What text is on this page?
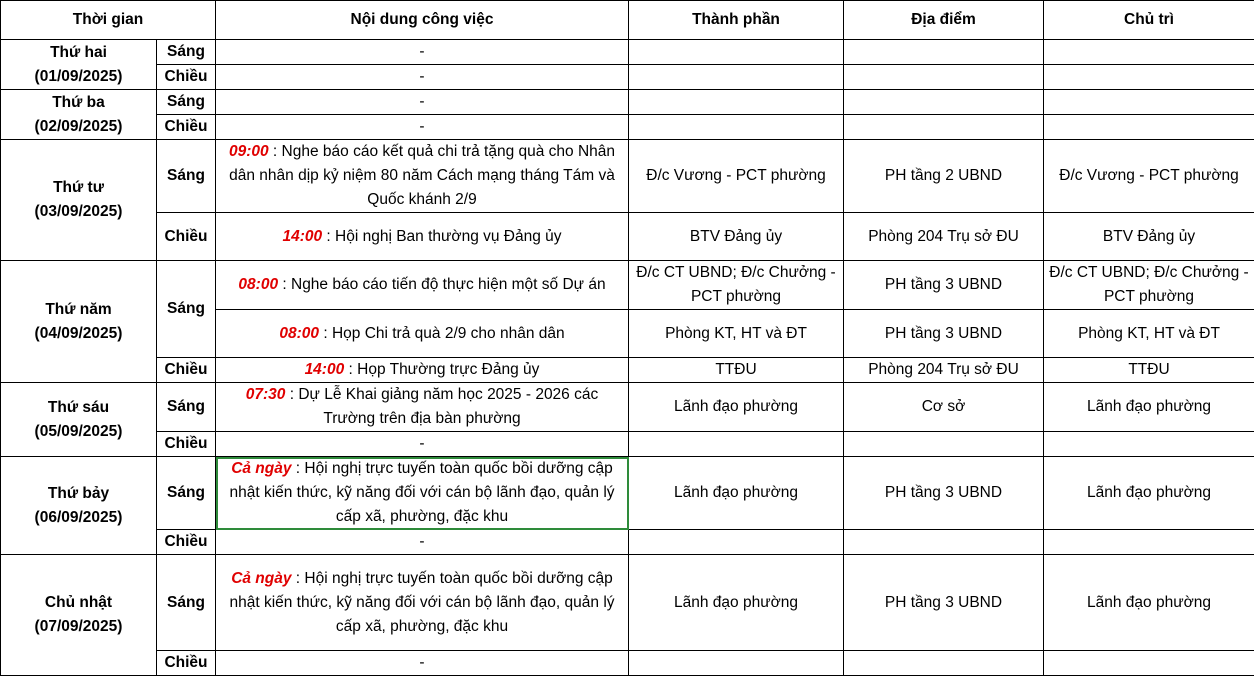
Thời gian		Nội dung công việc	Thành phần	Địa điểm	Chủ trì

Thứ hai
(01/09/2025)	Sáng	-			
	Chiều	-			

Thứ ba
(02/09/2025)	Sáng	-			
	Chiều	-			

Thứ tư
(03/09/2025)	Sáng	09:00 : Nghe báo cáo kết quả chi trả tặng quà cho Nhân dân nhân dịp kỷ niệm 80 năm Cách mạng tháng Tám và Quốc khánh 2/9	Đ/c Vương - PCT phường	PH tầng 2 UBND	Đ/c Vương - PCT phường
	Chiều	14:00 : Hội nghị Ban thường vụ Đảng ủy	BTV Đảng ủy	Phòng 204 Trụ sở ĐU	BTV Đảng ủy

Thứ năm
(04/09/2025)	Sáng	08:00 : Nghe báo cáo tiến độ thực hiện một số Dự án	Đ/c CT UBND; Đ/c Chưởng - PCT phường	PH tầng 3 UBND	Đ/c CT UBND; Đ/c Chưởng - PCT phường
		08:00 : Họp Chi trả quà 2/9 cho nhân dân	Phòng KT, HT và ĐT	PH tầng 3 UBND	Phòng KT, HT và ĐT
	Chiều	14:00 : Họp Thường trực Đảng ủy	TTĐU	Phòng 204 Trụ sở ĐU	TTĐU

Thứ sáu
(05/09/2025)	Sáng	07:30 : Dự Lễ Khai giảng năm học 2025 - 2026 các Trường trên địa bàn phường	Lãnh đạo phường	Cơ sở	Lãnh đạo phường
	Chiều	-			

Thứ bảy
(06/09/2025)	Sáng	Cả ngày : Hội nghị trực tuyến toàn quốc bồi dưỡng cập nhật kiến thức, kỹ năng đối với cán bộ lãnh đạo, quản lý cấp xã, phường, đặc khu	Lãnh đạo phường	PH tầng 3 UBND	Lãnh đạo phường
	Chiều	-			

Chủ nhật
(07/09/2025)	Sáng	Cả ngày : Hội nghị trực tuyến toàn quốc bồi dưỡng cập nhật kiến thức, kỹ năng đối với cán bộ lãnh đạo, quản lý cấp xã, phường, đặc khu	Lãnh đạo phường	PH tầng 3 UBND	Lãnh đạo phường
	Chiều	-			
